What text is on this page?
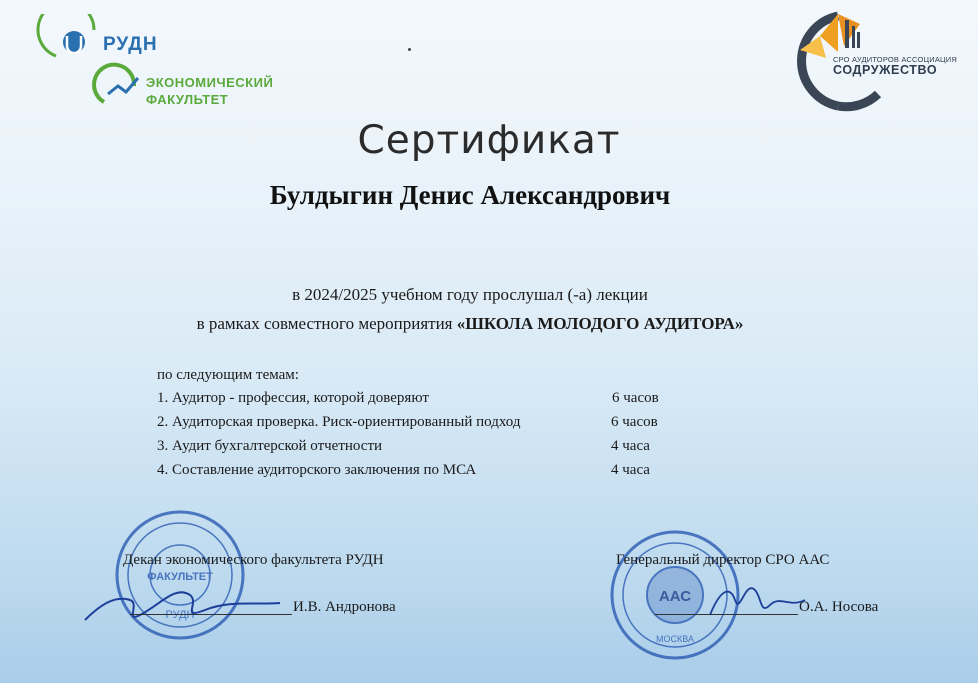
РУДН
ЭКОНОМИЧЕСКИЙ
ФАКУЛЬТЕТ
СРО АУДИТОРОВ АССОЦИАЦИЯ
СОДРУЖЕСТВО
Сертификат
Булдыгин Денис Александрович
в 2024/2025 учебном году прослушал (-а) лекции
в рамках совместного мероприятия «ШКОЛА МОЛОДОГО АУДИТОРА»
по следующим темам:
1. Аудитор - профессия, которой доверяют	6 часов
2. Аудиторская проверка. Риск-ориентированный подход	6 часов
3. Аудит бухгалтерской отчетности	4 часа
4. Составление аудиторского заключения по МСА	4 часа
ФАКУЛЬТЕТ
РУДН
ААС
МОСКВА
Декан экономического факультета РУДН
И.В. Андронова
Генеральный директор СРО ААС
О.А. Носова
